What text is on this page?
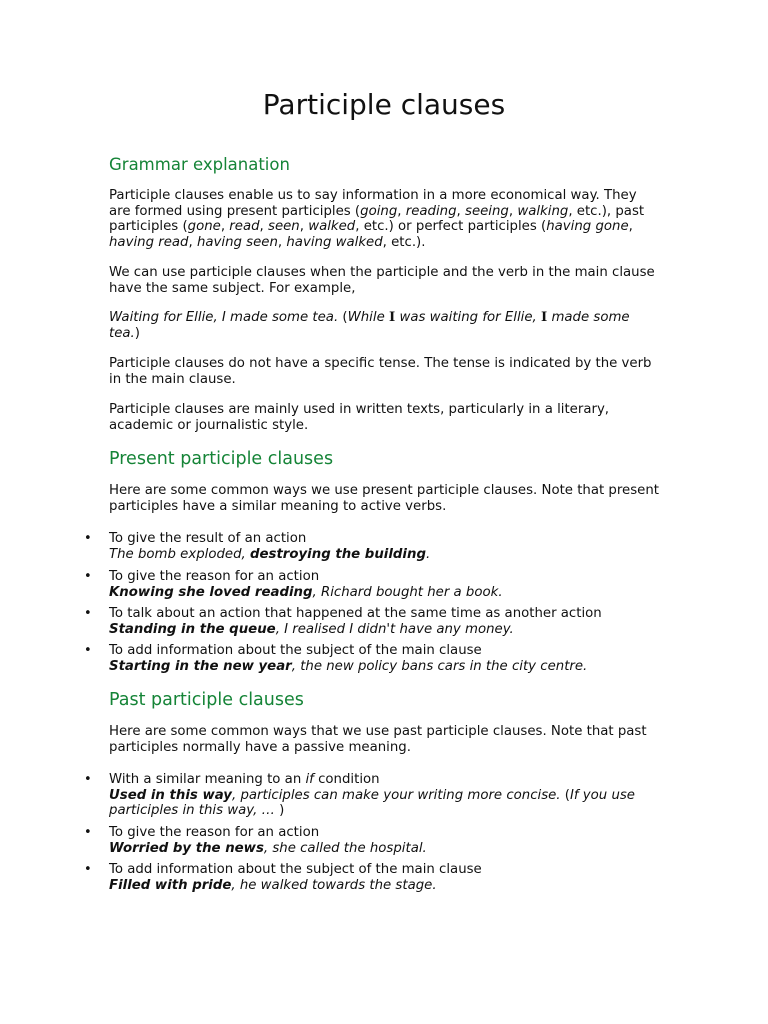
Participle clauses
Grammar explanation

Participle clauses enable us to say information in a more economical way. They are formed using present participles (going, reading, seeing, walking, etc.), past participles (gone, read, seen, walked, etc.) or perfect participles (having gone, having read, having seen, having walked, etc.).

We can use participle clauses when the participle and the verb in the main clause have the same subject. For example,

Waiting for Ellie, I made some tea. (While I was waiting for Ellie, I made some tea.)

Participle clauses do not have a specific tense. The tense is indicated by the verb in the main clause.

Participle clauses are mainly used in written texts, particularly in a literary, academic or journalistic style.

Present participle clauses

Here are some common ways we use present participle clauses. Note that present participles have a similar meaning to active verbs.

• To give the result of an action
The bomb exploded, destroying the building.
• To give the reason for an action
Knowing she loved reading, Richard bought her a book.
• To talk about an action that happened at the same time as another action
Standing in the queue, I realised I didn't have any money.
• To add information about the subject of the main clause
Starting in the new year, the new policy bans cars in the city centre.
Past participle clauses

Here are some common ways that we use past participle clauses. Note that past participles normally have a passive meaning.

• With a similar meaning to an if condition
Used in this way, participles can make your writing more concise. (If you use participles in this way, … )
• To give the reason for an action
Worried by the news, she called the hospital.
• To add information about the subject of the main clause
Filled with pride, he walked towards the stage.
